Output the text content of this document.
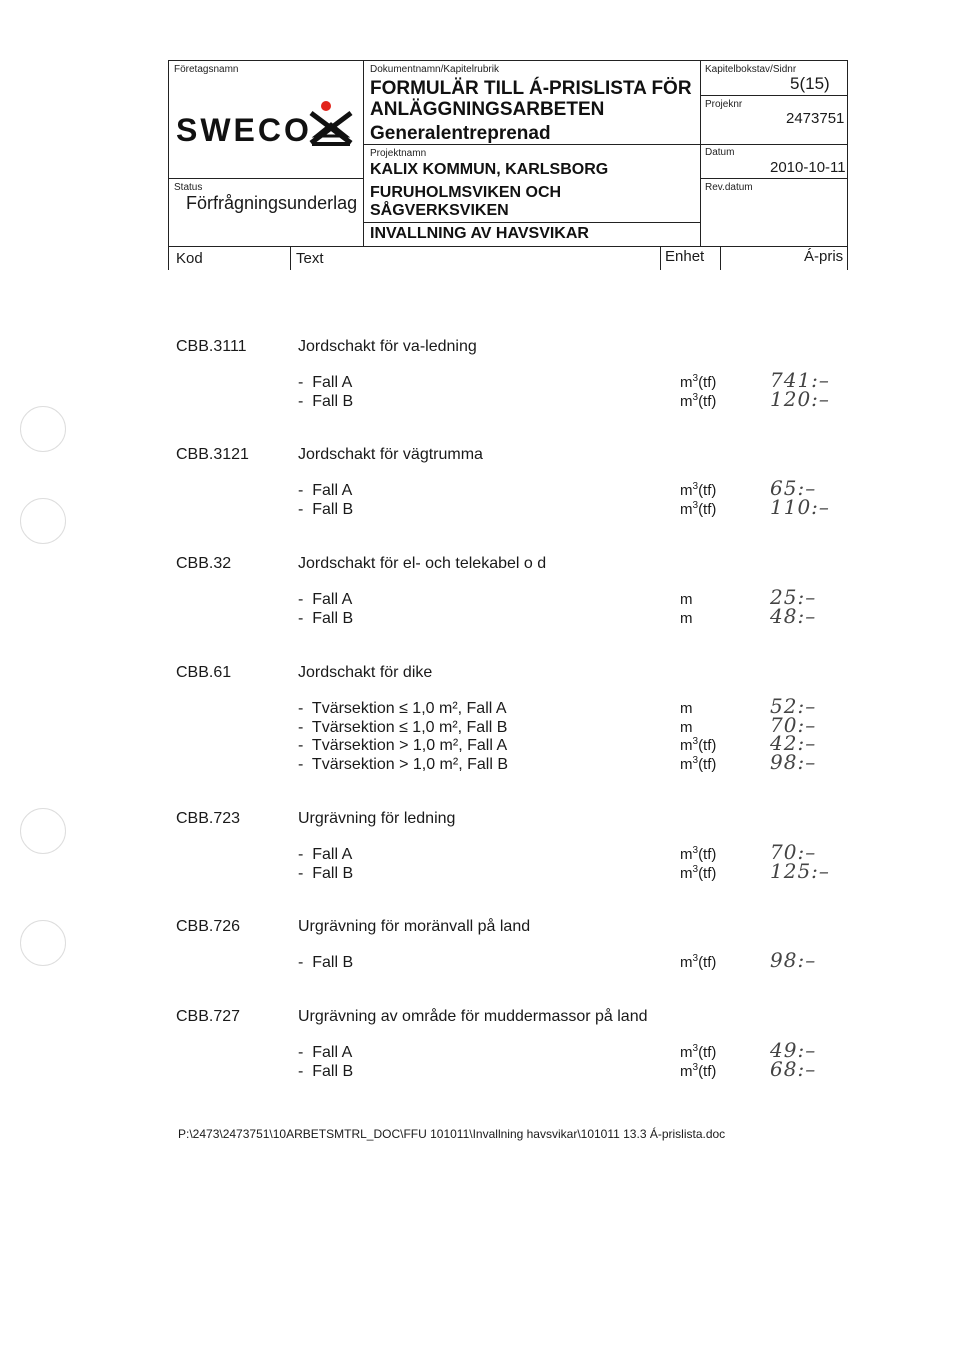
Företagsnamn
SWECO
Status
Förfrågningsunderlag
Dokumentnamn/Kapitelrubrik
FORMULÄR TILL Á-PRISLISTA FÖR
ANLÄGGNINGSARBETEN
Generalentreprenad
Projektnamn
KALIX KOMMUN, KARLSBORG
FURUHOLMSVIKEN OCH
SÅGVERKSVIKEN
INVALLNING AV HAVSVIKAR
Kapitelbokstav/Sidnr
5(15)
Projeknr
2473751
Datum
2010-10-11
Rev.datum
Kod	Text	Enhet	Á-pris
CBB.3111	Jordschakt för va-ledning
-  Fall A	$m^3(tf)$	741:–
-  Fall B	$m^3(tf)$	120:–
CBB.3121	Jordschakt för vägtrumma
-  Fall A	$m^3(tf)$	65:–
-  Fall B	$m^3(tf)$	110:–
CBB.32	Jordschakt för el- och telekabel o d
-  Fall A	m	25:–
-  Fall B	m	48:–
CBB.61	Jordschakt för dike
-  Tvärsektion ≤ 1,0 m², Fall A	m	52:–
-  Tvärsektion ≤ 1,0 m², Fall B	m	70:–
-  Tvärsektion > 1,0 m², Fall A	$m^3(tf)$	42:–
-  Tvärsektion > 1,0 m², Fall B	$m^3(tf)$	98:–
CBB.723	Urgrävning för ledning
-  Fall A	$m^3(tf)$	70:–
-  Fall B	$m^3(tf)$	125:–
CBB.726	Urgrävning för moränvall på land
-  Fall B	$m^3(tf)$	98:–
CBB.727	Urgrävning av område för muddermassor på land
-  Fall A	$m^3(tf)$	49:–
-  Fall B	$m^3(tf)$	68:–
P:\2473\2473751\10ARBETSMTRL_DOC\FFU 101011\Invallning havsvikar\101011 13.3 Á-prislista.doc
